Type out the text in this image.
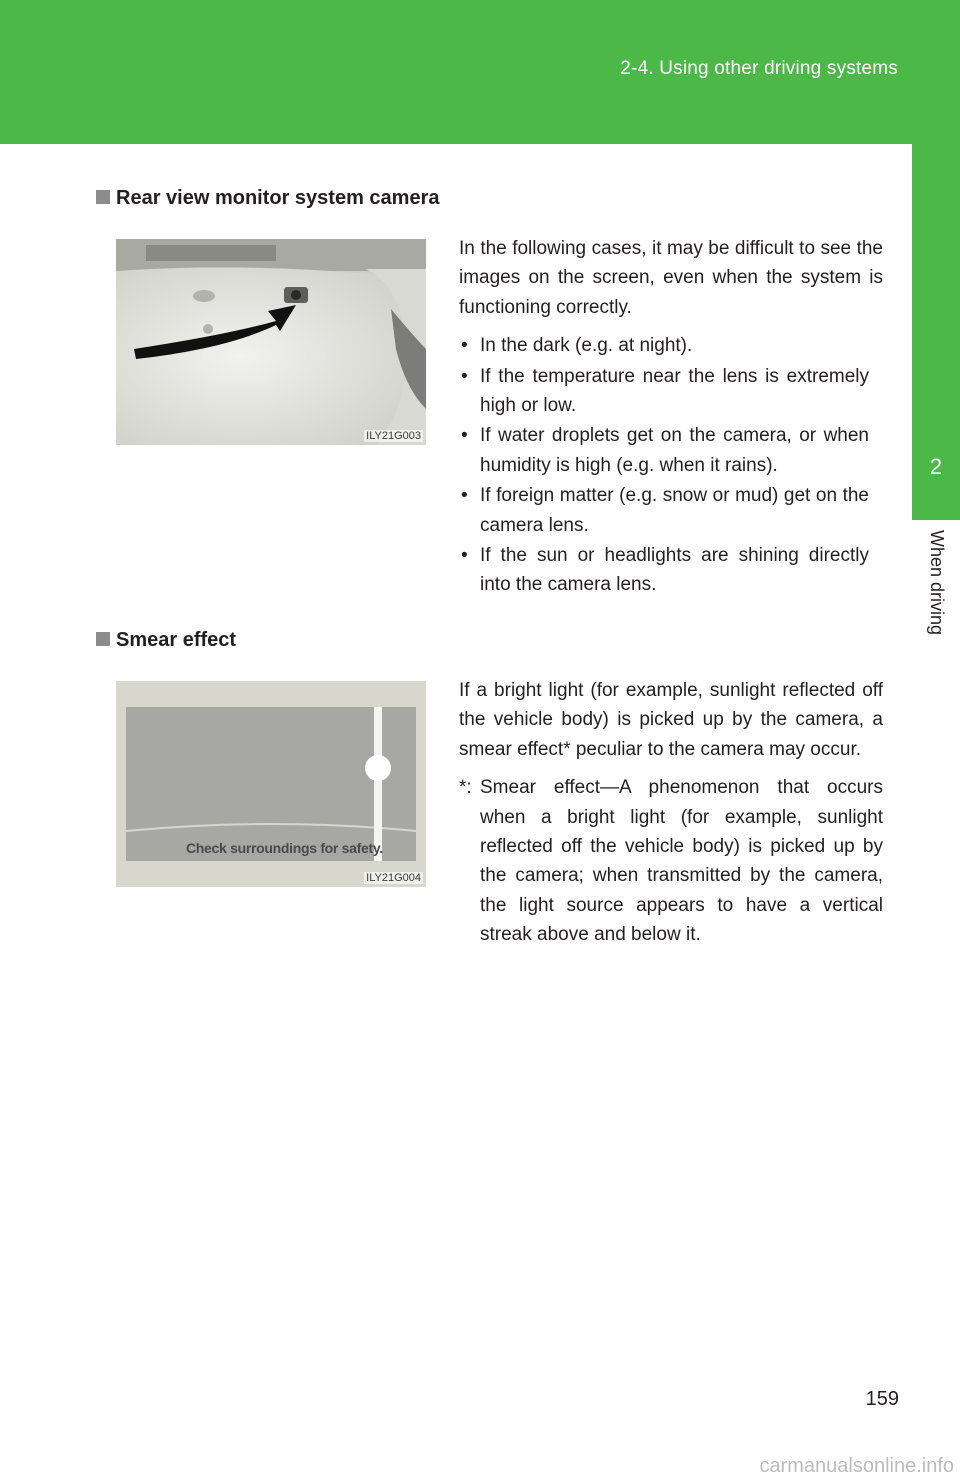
2-4. Using other driving systems
2
When driving
Rear view monitor system camera
ILY21G003

In the following cases, it may be difficult to see the images on the screen, even when the system is functioning correctly.

• In the dark (e.g. at night).
• If the temperature near the lens is extremely high or low.
• If water droplets get on the camera, or when humidity is high (e.g. when it rains).
• If foreign matter (e.g. snow or mud) get on the camera lens.
• If the sun or headlights are shining directly into the camera lens.
Smear effect
Check surroundings for safety.
ILY21G004

If a bright light (for example, sunlight reflected off the vehicle body) is picked up by the camera, a smear effect* peculiar to the camera may occur.

*: Smear effect—A phenomenon that occurs when a bright light (for example, sunlight reflected off the vehicle body) is picked up by the camera; when transmitted by the camera, the light source appears to have a vertical streak above and below it.
159
carmanualsonline.info
